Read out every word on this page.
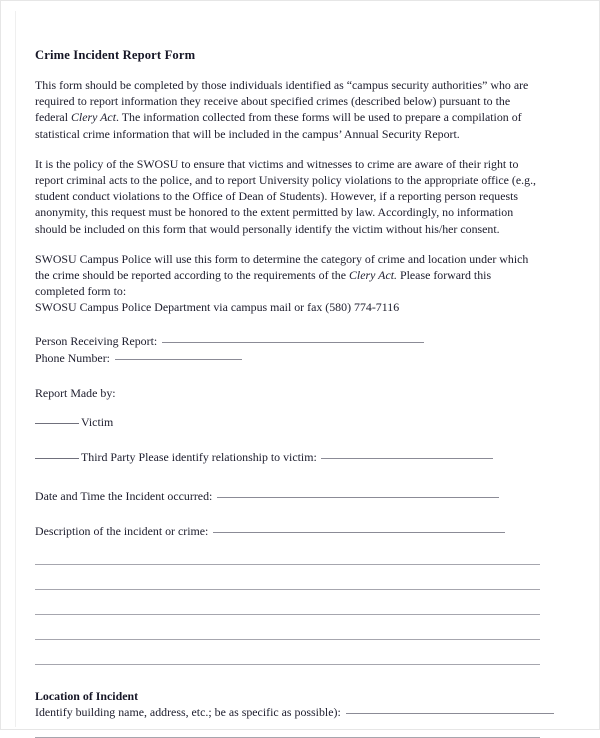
Crime Incident Report Form

This form should be completed by those individuals identified as “campus security authorities” who are required to report information they receive about specified crimes (described below) pursuant to the federal Clery Act. The information collected from these forms will be used to prepare a compilation of statistical crime information that will be included in the campus’ Annual Security Report.

It is the policy of the SWOSU to ensure that victims and witnesses to crime are aware of their right to report criminal acts to the police, and to report University policy violations to the appropriate office (e.g., student conduct violations to the Office of Dean of Students). However, if a reporting person requests anonymity, this request must be honored to the extent permitted by law. Accordingly, no information should be included on this form that would personally identify the victim without his/her consent.

SWOSU Campus Police will use this form to determine the category of crime and location under which the crime should be reported according to the requirements of the Clery Act. Please forward this completed form to:

SWOSU Campus Police Department via campus mail or fax (580) 774-7116

Person Receiving Report:
Phone Number:
Report Made by:
Victim
Third Party Please identify relationship to victim:
Date and Time the Incident occurred:
Description of the incident or crime:
Location of Incident
Identify building name, address, etc.; be as specific as possible):
